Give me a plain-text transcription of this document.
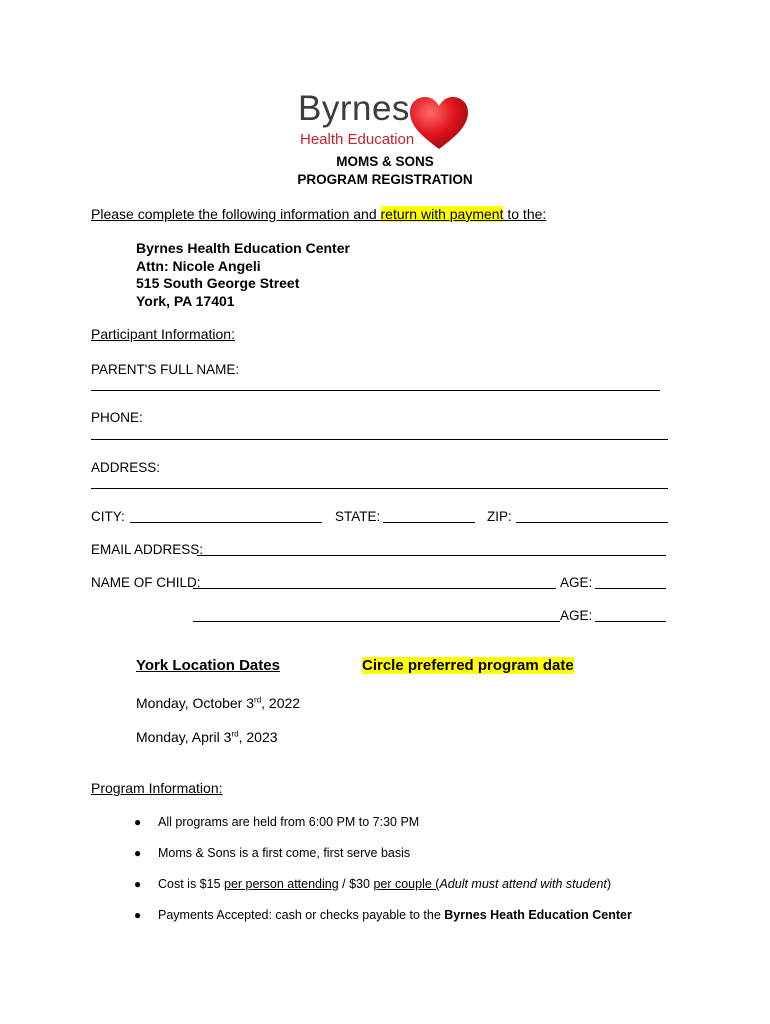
Byrnes
Health Education
MOMS & SONS
PROGRAM REGISTRATION
Please complete the following information and return with payment to the:
Byrnes Health Education Center
Attn: Nicole Angeli
515 South George Street
York, PA 17401
Participant Information:
PARENT'S FULL NAME:
PHONE:
ADDRESS:
CITY:	STATE:	ZIP:
EMAIL ADDRESS:
NAME OF CHILD:	AGE:
AGE:
York Location Dates	Circle preferred program date
Monday, October 3rd, 2022
Monday, April 3rd, 2023
Program Information:
● All programs are held from 6:00 PM to 7:30 PM
● Moms & Sons is a first come, first serve basis
● Cost is $15 per person attending / $30 per couple (Adult must attend with student)
● Payments Accepted: cash or checks payable to the Byrnes Heath Education Center
